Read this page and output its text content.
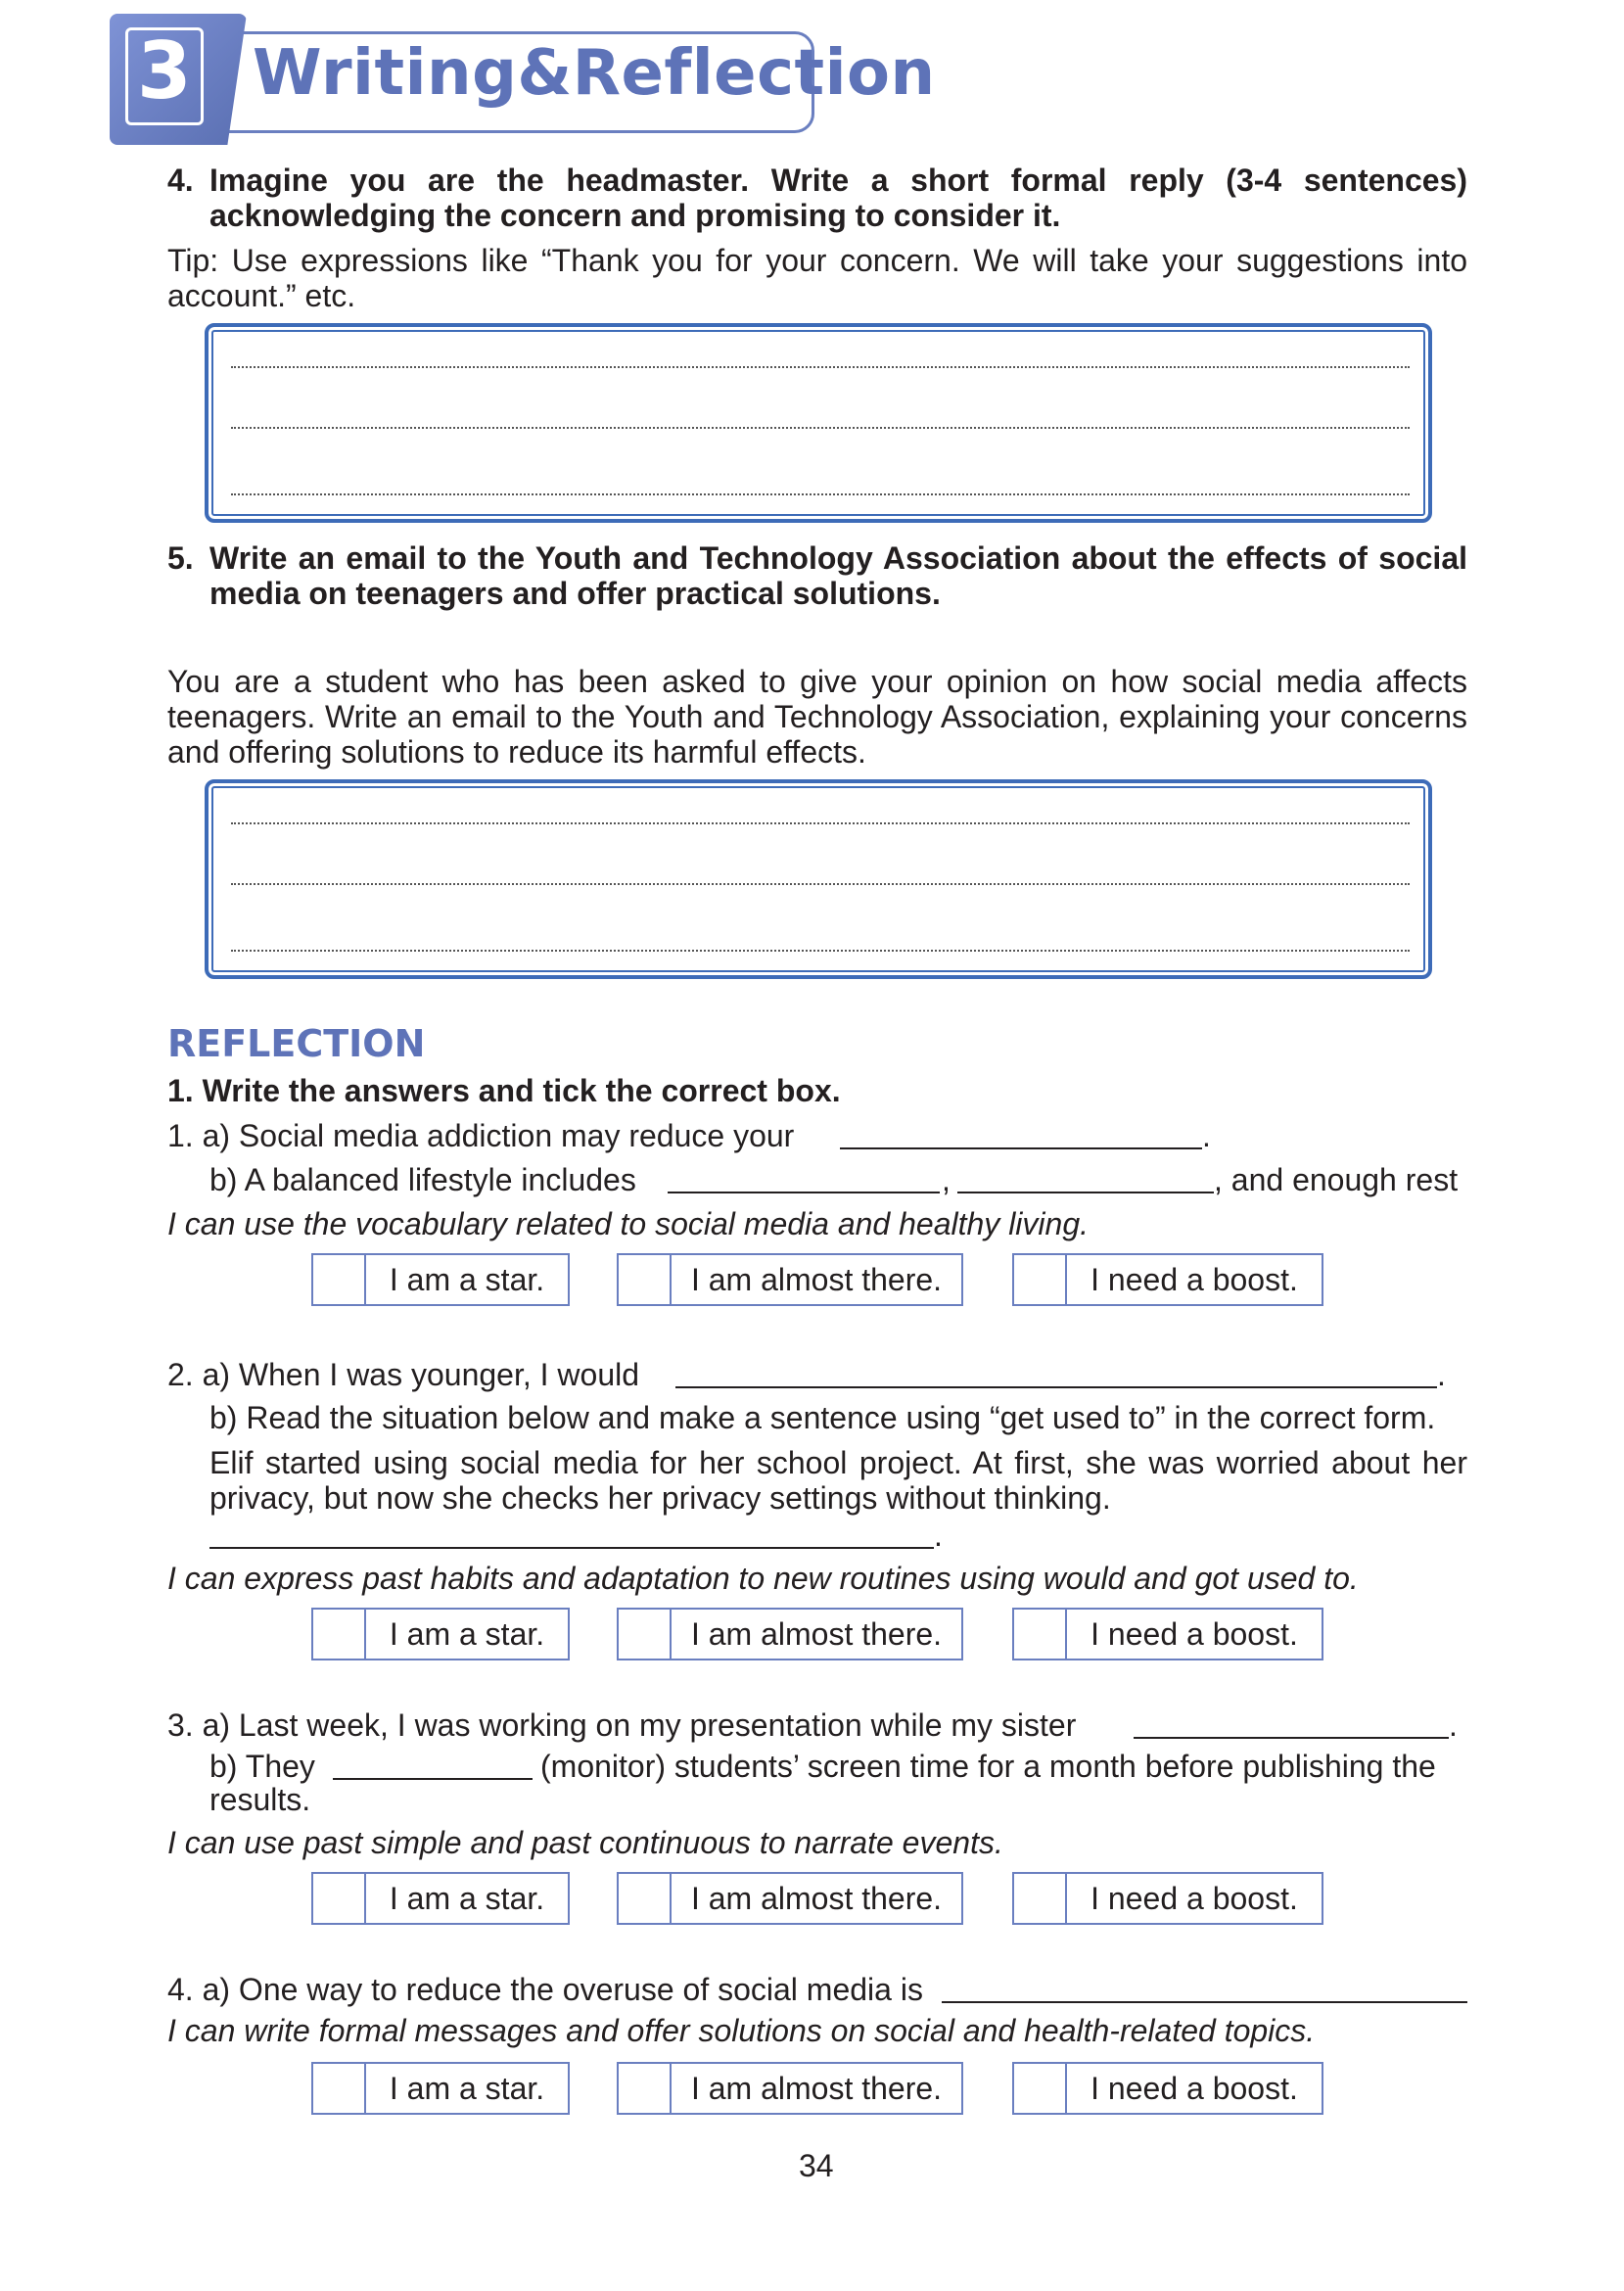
3 Writing&Reflection
4. Imagine you are the headmaster. Write a short formal reply (3-4 sentences)
acknowledging the concern and promising to consider it.
Tip: Use expressions like “Thank you for your concern. We will take your suggestions into
account.” etc.
5. Write an email to the Youth and Technology Association about the effects of social
media on teenagers and offer practical solutions.
You are a student who has been asked to give your opinion on how social media affects
teenagers. Write an email to the Youth and Technology Association, explaining your concerns
and offering solutions to reduce its harmful effects.
REFLECTION
1. Write the answers and tick the correct box.
1. a) Social media addiction may reduce your	.
b) A balanced lifestyle includes	,	, and enough rest
I can use the vocabulary related to social media and healthy living.
I am a star.	I am almost there.	I need a boost.
2. a) When I was younger, I would	.
b) Read the situation below and make a sentence using “get used to” in the correct form.
Elif started using social media for her school project. At first, she was worried about her
privacy, but now she checks her privacy settings without thinking.
.
I can express past habits and adaptation to new routines using would and got used to.
I am a star.	I am almost there.	I need a boost.
3. a) Last week, I was working on my presentation while my sister	.
b) They	(monitor) students’ screen time for a month before publishing the
results.
I can use past simple and past continuous to narrate events.
I am a star.	I am almost there.	I need a boost.
4. a) One way to reduce the overuse of social media is
I can write formal messages and offer solutions on social and health-related topics.
I am a star.	I am almost there.	I need a boost.
34
